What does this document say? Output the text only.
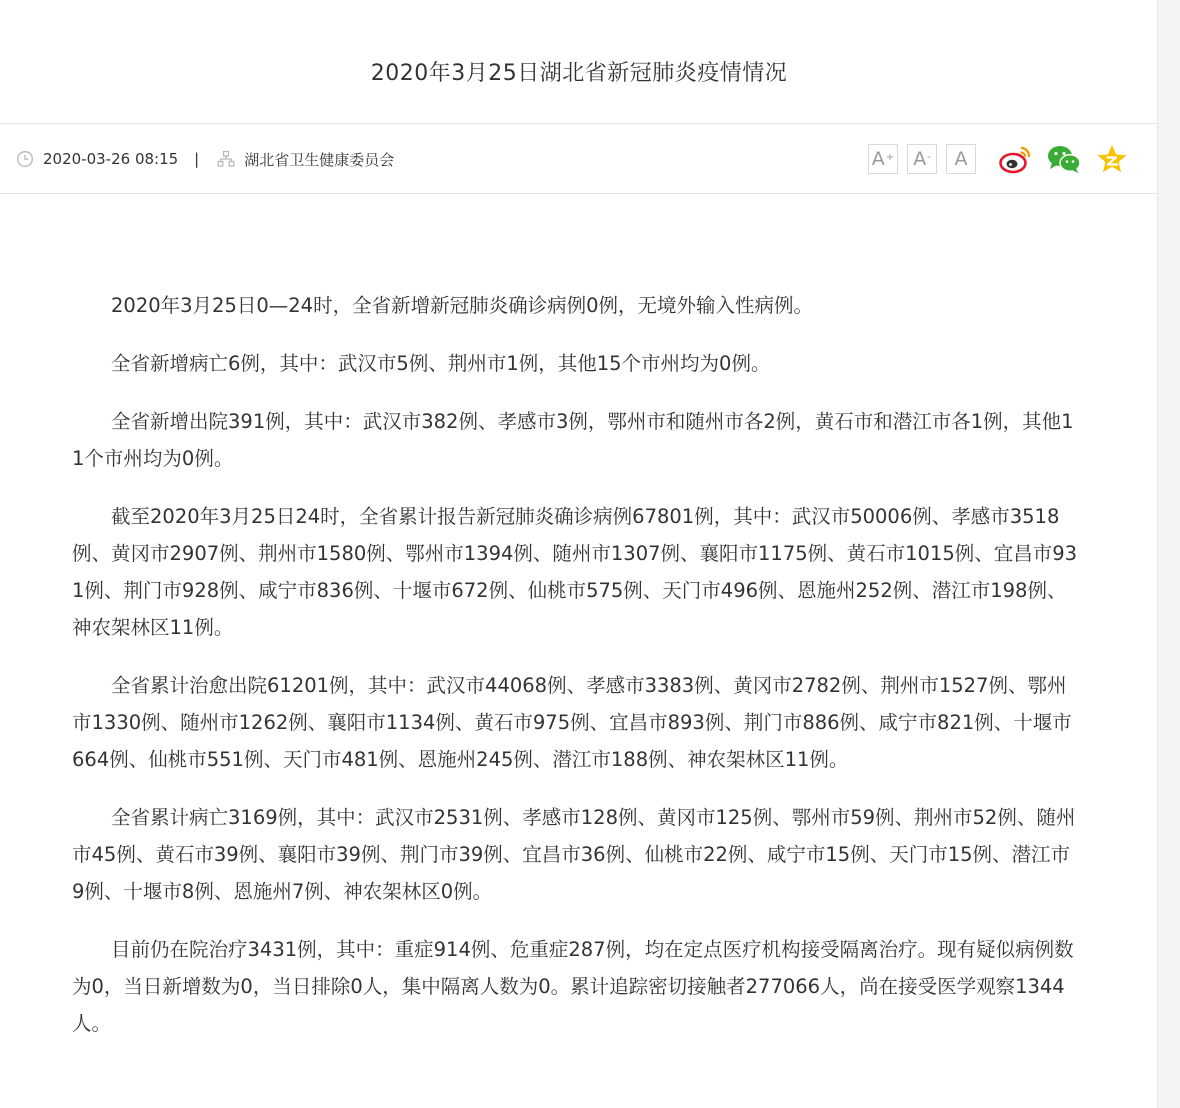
2020年3月25日湖北省新冠肺炎疫情情况
2020-03-26 08:15 |	湖北省卫生健康委员会	A+ A- A

2020年3月25日0—24时，全省新增新冠肺炎确诊病例0例，无境外输入性病例。

全省新增病亡6例，其中：武汉市5例、荆州市1例，其他15个市州均为0例。

全省新增出院391例，其中：武汉市382例、孝感市3例，鄂州市和随州市各2例，黄石市和潜江市各1例，其他11个市州均为0例。

截至2020年3月25日24时，全省累计报告新冠肺炎确诊病例67801例，其中：武汉市50006例、孝感市3518例、黄冈市2907例、荆州市1580例、鄂州市1394例、随州市1307例、襄阳市1175例、黄石市1015例、宜昌市931例、荆门市928例、咸宁市836例、十堰市672例、仙桃市575例、天门市496例、恩施州252例、潜江市198例、神农架林区11例。

全省累计治愈出院61201例，其中：武汉市44068例、孝感市3383例、黄冈市2782例、荆州市1527例、鄂州市1330例、随州市1262例、襄阳市1134例、黄石市975例、宜昌市893例、荆门市886例、咸宁市821例、十堰市664例、仙桃市551例、天门市481例、恩施州245例、潜江市188例、神农架林区11例。

全省累计病亡3169例，其中：武汉市2531例、孝感市128例、黄冈市125例、鄂州市59例、荆州市52例、随州市45例、黄石市39例、襄阳市39例、荆门市39例、宜昌市36例、仙桃市22例、咸宁市15例、天门市15例、潜江市9例、十堰市8例、恩施州7例、神农架林区0例。

目前仍在院治疗3431例，其中：重症914例、危重症287例，均在定点医疗机构接受隔离治疗。现有疑似病例数为0，当日新增数为0，当日排除0人，集中隔离人数为0。累计追踪密切接触者277066人，尚在接受医学观察1344人。
